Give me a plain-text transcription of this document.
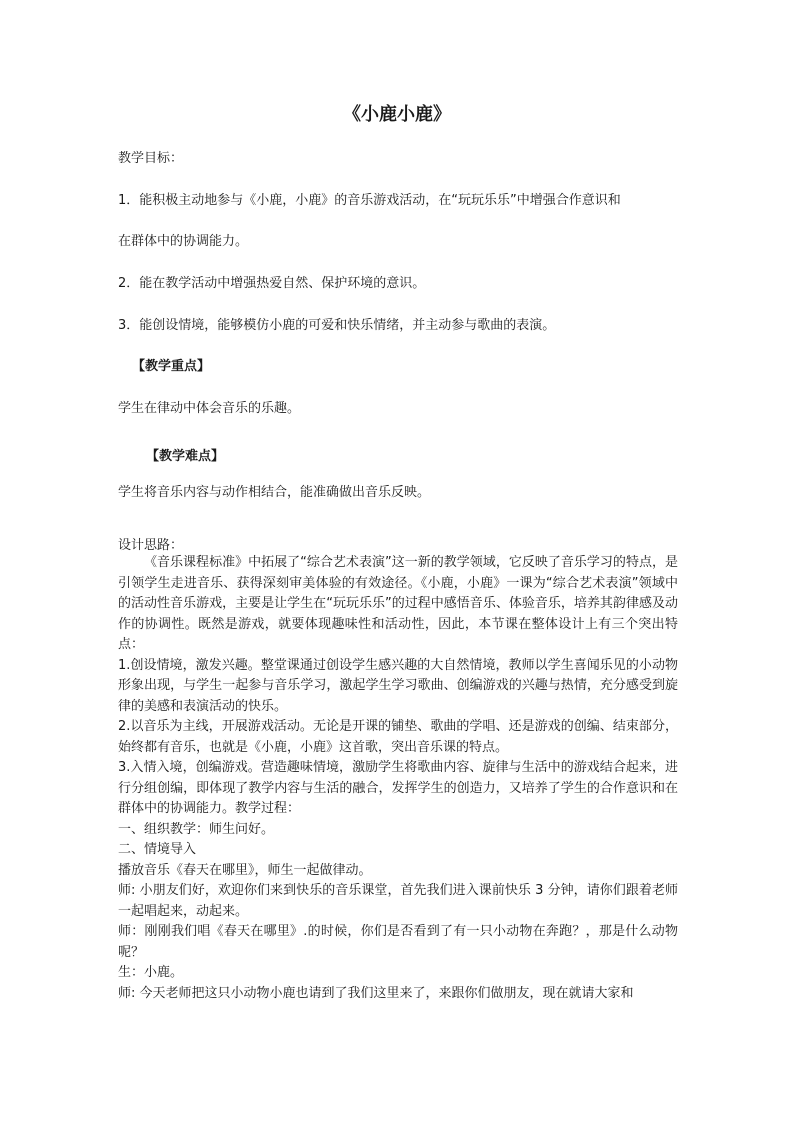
《小鹿小鹿》
教学目标：
1．能积极主动地参与《小鹿，小鹿》的音乐游戏活动，在“玩玩乐乐”中增强合作意识和
在群体中的协调能力。
2．能在教学活动中增强热爱自然、保护环境的意识。
3．能创设情境，能够模仿小鹿的可爱和快乐情绪，并主动参与歌曲的表演。
【教学重点】
学生在律动中体会音乐的乐趣。
【教学难点】
学生将音乐内容与动作相结合，能准确做出音乐反映。
设计思路：

《音乐课程标准》中拓展了“综合艺术表演”这一新的教学领域，它反映了音乐学习的特点，是引领学生走进音乐、获得深刻审美体验的有效途径。《小鹿，小鹿》一课为“综合艺术表演”领域中的活动性音乐游戏，主要是让学生在“玩玩乐乐”的过程中感悟音乐、体验音乐，培养其韵律感及动作的协调性。既然是游戏，就要体现趣味性和活动性，因此，本节课在整体设计上有三个突出特点：

1.创设情境，激发兴趣。整堂课通过创设学生感兴趣的大自然情境，教师以学生喜闻乐见的小动物形象出现，与学生一起参与音乐学习，激起学生学习歌曲、创编游戏的兴趣与热情，充分感受到旋律的美感和表演活动的快乐。

2.以音乐为主线，开展游戏活动。无论是开课的铺垫、歌曲的学唱、还是游戏的创编、结束部分，始终都有音乐，也就是《小鹿，小鹿》这首歌，突出音乐课的特点。

3.入情入境，创编游戏。营造趣味情境，激励学生将歌曲内容、旋律与生活中的游戏结合起来，进行分组创编，即体现了教学内容与生活的融合，发挥学生的创造力，又培养了学生的合作意识和在群体中的协调能力。教学过程：

一、组织教学：师生问好。

二、情境导入

播放音乐《春天在哪里》，师生一起做律动。

师: 小朋友们好，欢迎你们来到快乐的音乐课堂，首先我们进入课前快乐 3 分钟，请你们跟着老师一起唱起来，动起来。

师：刚刚我们唱《春天在哪里》.的时候，你们是否看到了有一只小动物在奔跑？，那是什么动物呢？

生：小鹿。

师: 今天老师把这只小动物小鹿也请到了我们这里来了，来跟你们做朋友，现在就请大家和
